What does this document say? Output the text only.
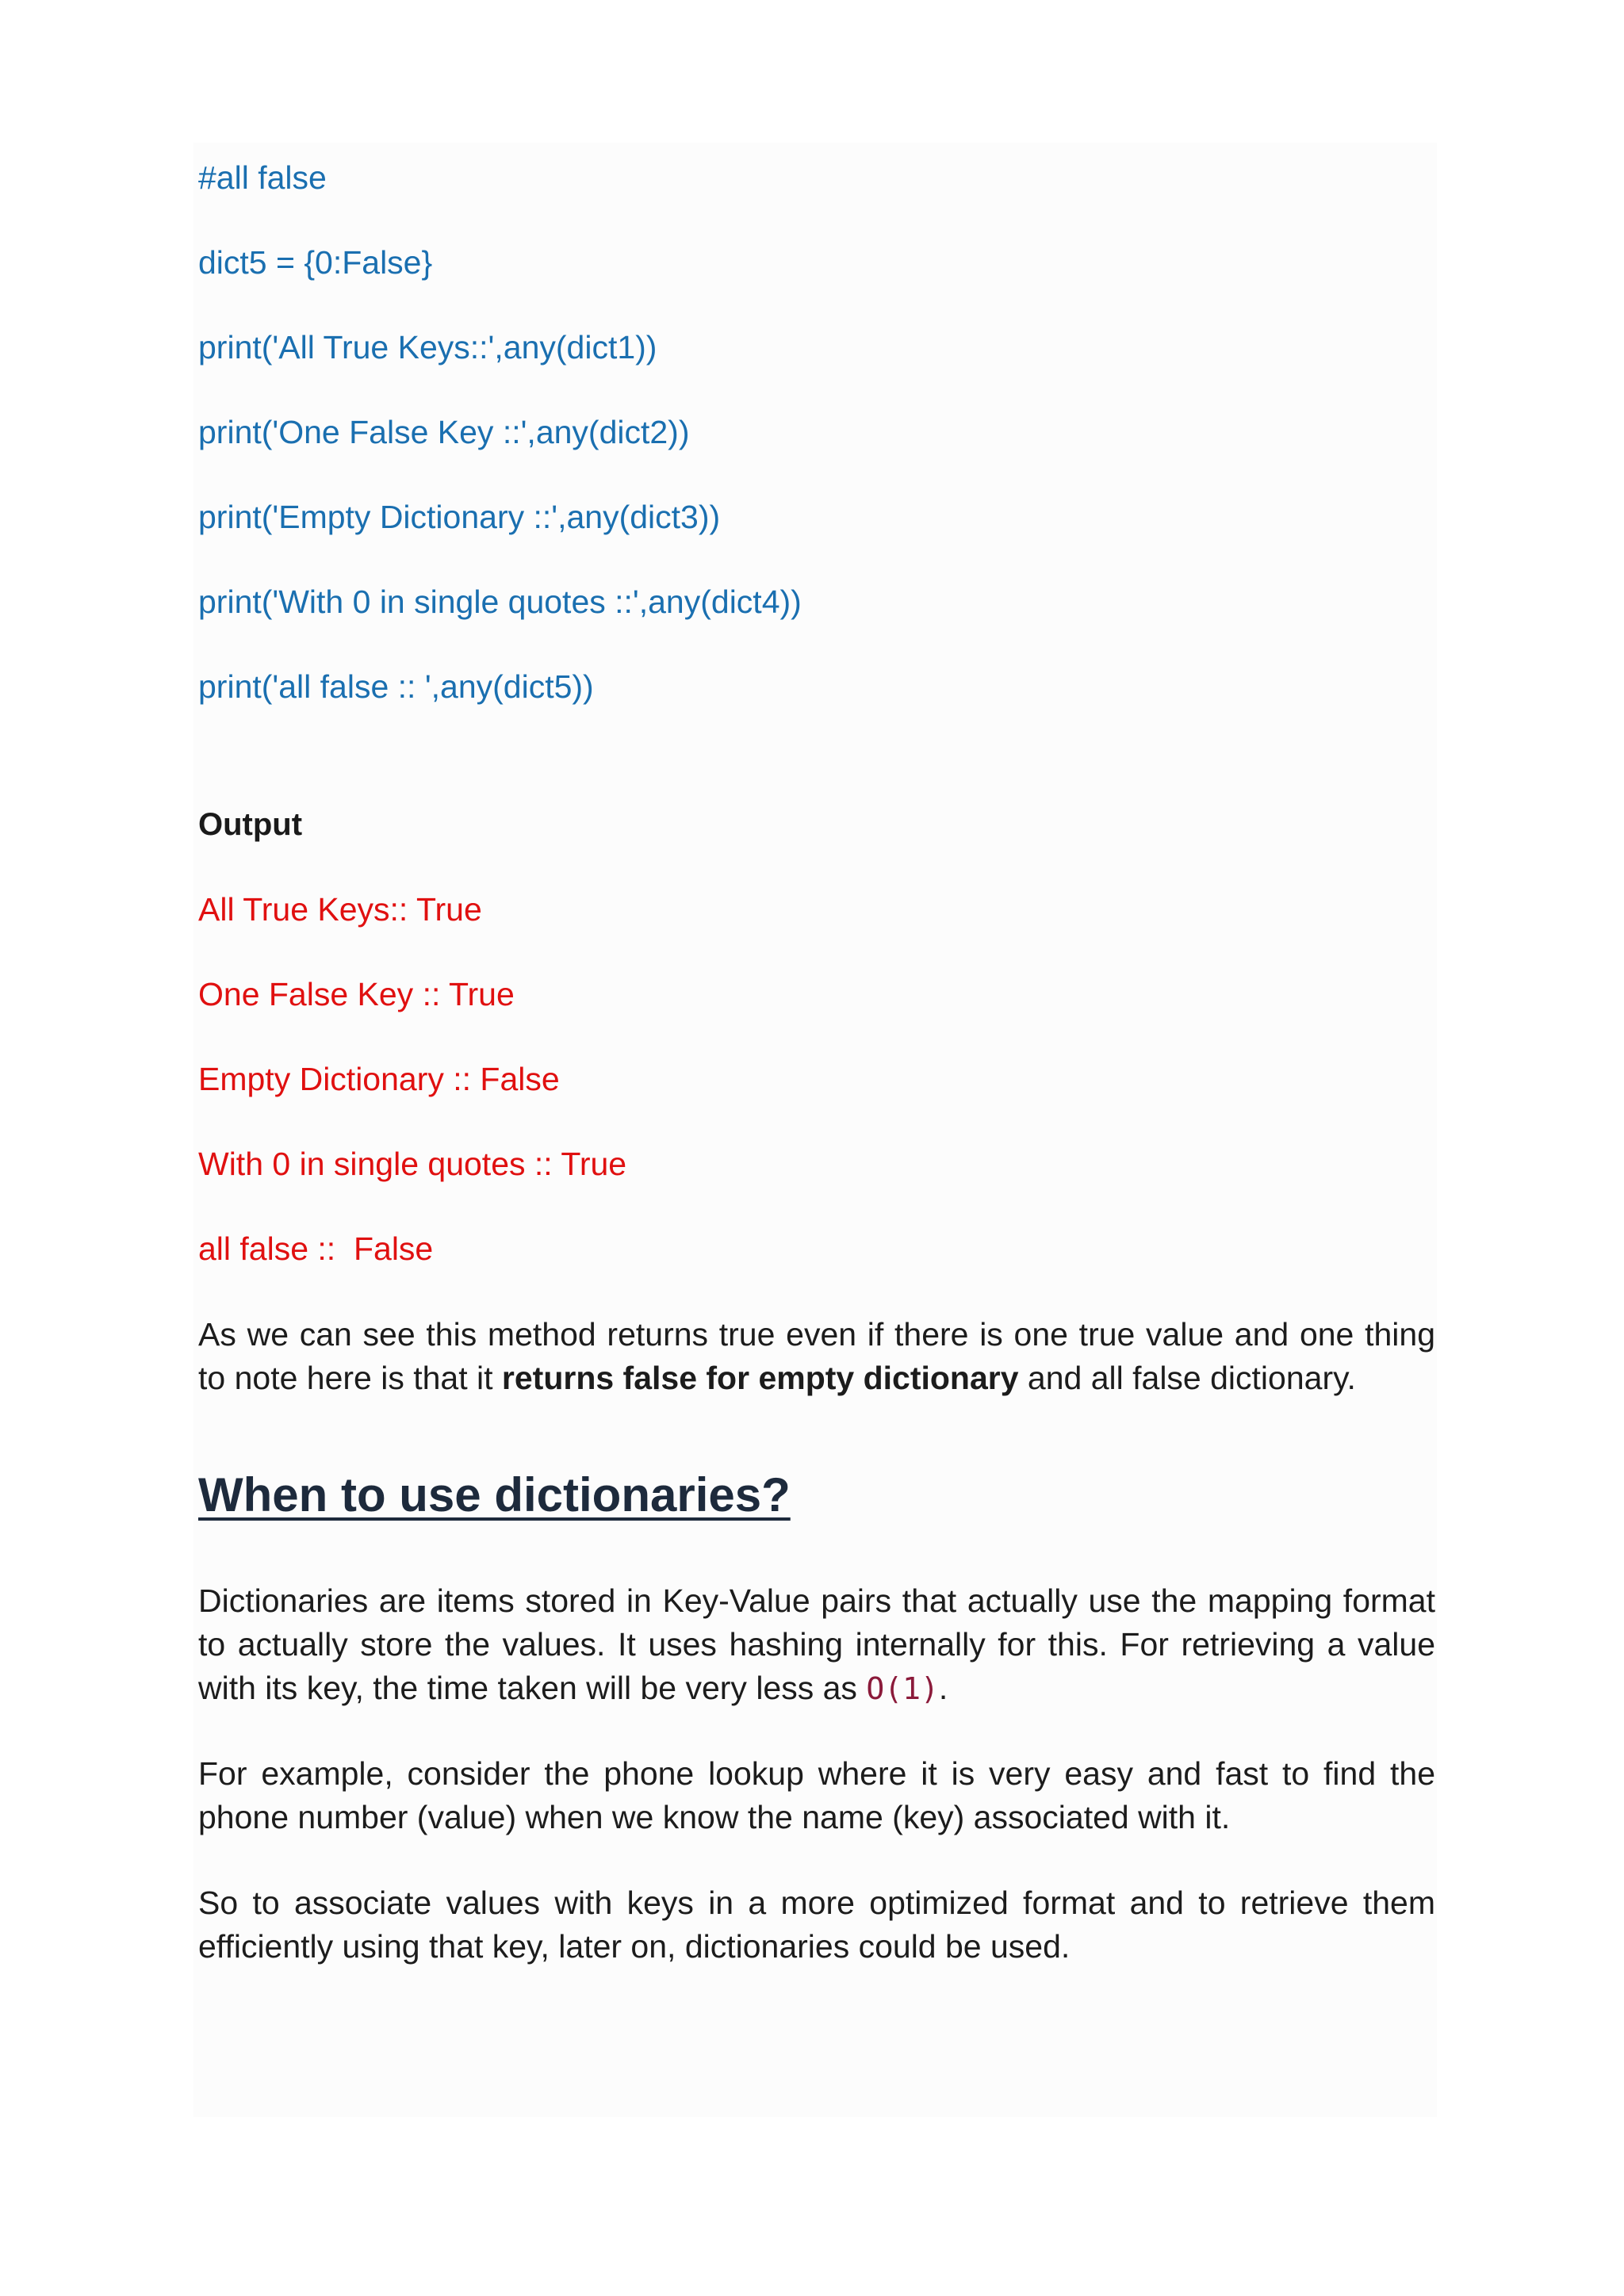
#all false
dict5 = {0:False}
print('All True Keys::',any(dict1))
print('One False Key ::',any(dict2))
print('Empty Dictionary ::',any(dict3))
print('With 0 in single quotes ::',any(dict4))
print('all false :: ',any(dict5))
Output
All True Keys:: True
One False Key :: True
Empty Dictionary :: False
With 0 in single quotes :: True
all false ::  False
As we can see this method returns true even if there is one true value and one thing to note here is that it returns false for empty dictionary and all false dictionary.
When to use dictionaries?
Dictionaries are items stored in Key-Value pairs that actually use the mapping format to actually store the values. It uses hashing internally for this. For retrieving a value with its key, the time taken will be very less as O(1).
For example, consider the phone lookup where it is very easy and fast to find the phone number (value) when we know the name (key) associated with it.
So to associate values with keys in a more optimized format and to retrieve them efficiently using that key, later on, dictionaries could be used.
